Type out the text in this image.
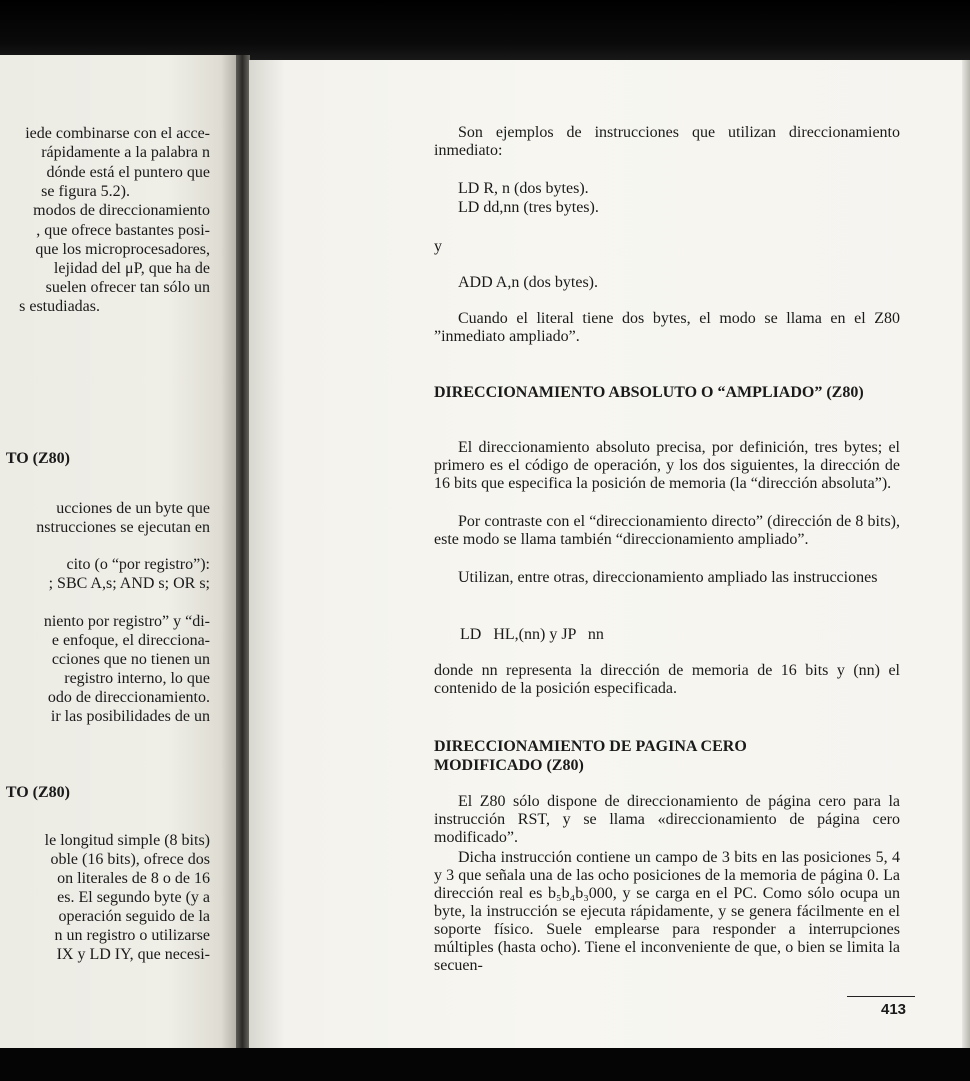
iede combinarse con el acce-
rápidamente a la palabra n
dónde está el puntero que
se figura 5.2).
modos de direccionamiento
, que ofrece bastantes posi-
que los microprocesadores,
lejidad del μP, que ha de
suelen ofrecer tan sólo un
s estudiadas.
TO (Z80)
ucciones de un byte que
nstrucciones se ejecutan en
cito (o “por registro”):
; SBC A,s; AND s; OR s;
niento por registro” y “di-
e enfoque, el direcciona-
cciones que no tienen un
registro interno, lo que
odo de direccionamiento.
ir las posibilidades de un
TO (Z80)
le longitud simple (8 bits)
oble (16 bits), ofrece dos
on literales de 8 o de 16
es. El segundo byte (y a
operación seguido de la
n un registro o utilizarse
IX y LD IY, que necesi-
Son ejemplos de instrucciones que utilizan direccionamiento inmediato:
LD R, n (dos bytes).
LD dd,nn (tres bytes).
y
ADD A,n (dos bytes).
Cuando el literal tiene dos bytes, el modo se llama en el Z80 ”inmediato ampliado”.
DIRECCIONAMIENTO ABSOLUTO O “AMPLIADO” (Z80)
El direccionamiento absoluto precisa, por definición, tres bytes; el primero es el código de operación, y los dos siguientes, la dirección de 16 bits que especifica la posición de memoria (la “dirección absoluta”).
Por contraste con el “direccionamiento directo” (dirección de 8 bits), este modo se llama también “direccionamiento ampliado”.
Utilizan, entre otras, direccionamiento ampliado las instrucciones
LD   HL,(nn) y JP   nn
donde nn representa la dirección de memoria de 16 bits y (nn) el contenido de la posición especificada.
DIRECCIONAMIENTO DE PAGINA CERO
MODIFICADO (Z80)
El Z80 sólo dispone de direccionamiento de página cero para la instrucción RST, y se llama «direccionamiento de página cero modificado”.
Dicha instrucción contiene un campo de 3 bits en las posiciones 5, 4 y 3 que señala una de las ocho posiciones de la memoria de página 0. La dirección real es b₅b₄b₃000, y se carga en el PC. Como sólo ocupa un byte, la instrucción se ejecuta rápidamente, y se genera fácilmente en el soporte físico. Suele emplearse para responder a interrupciones múltiples (hasta ocho). Tiene el inconveniente de que, o bien se limita la secuen-
413
